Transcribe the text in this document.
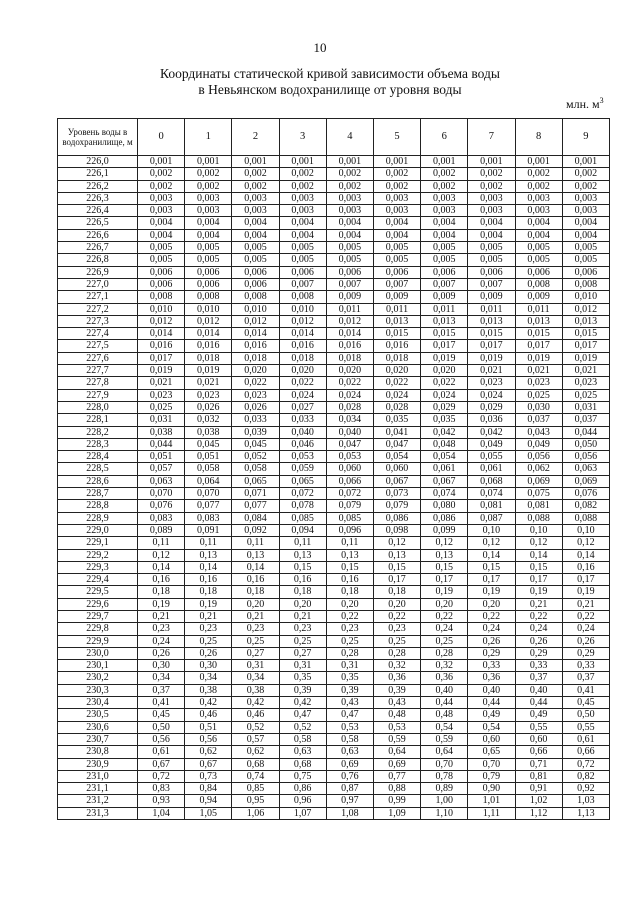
10
Координаты статической кривой зависимости объема воды
в Невьянском водохранилище от уровня воды
млн. $м^3$
Уровень воды в водохранилище, м	0	1	2	3	4	5	6	7	8	9
226,0	0,001	0,001	0,001	0,001	0,001	0,001	0,001	0,001	0,001	0,001
226,1	0,002	0,002	0,002	0,002	0,002	0,002	0,002	0,002	0,002	0,002
226,2	0,002	0,002	0,002	0,002	0,002	0,002	0,002	0,002	0,002	0,002
226,3	0,003	0,003	0,003	0,003	0,003	0,003	0,003	0,003	0,003	0,003
226,4	0,003	0,003	0,003	0,003	0,003	0,003	0,003	0,003	0,003	0,003
226,5	0,004	0,004	0,004	0,004	0,004	0,004	0,004	0,004	0,004	0,004
226,6	0,004	0,004	0,004	0,004	0,004	0,004	0,004	0,004	0,004	0,004
226,7	0,005	0,005	0,005	0,005	0,005	0,005	0,005	0,005	0,005	0,005
226,8	0,005	0,005	0,005	0,005	0,005	0,005	0,005	0,005	0,005	0,005
226,9	0,006	0,006	0,006	0,006	0,006	0,006	0,006	0,006	0,006	0,006
227,0	0,006	0,006	0,006	0,007	0,007	0,007	0,007	0,007	0,008	0,008
227,1	0,008	0,008	0,008	0,008	0,009	0,009	0,009	0,009	0,009	0,010
227,2	0,010	0,010	0,010	0,010	0,011	0,011	0,011	0,011	0,011	0,012
227,3	0,012	0,012	0,012	0,012	0,012	0,013	0,013	0,013	0,013	0,013
227,4	0,014	0,014	0,014	0,014	0,014	0,015	0,015	0,015	0,015	0,015
227,5	0,016	0,016	0,016	0,016	0,016	0,016	0,017	0,017	0,017	0,017
227,6	0,017	0,018	0,018	0,018	0,018	0,018	0,019	0,019	0,019	0,019
227,7	0,019	0,019	0,020	0,020	0,020	0,020	0,020	0,021	0,021	0,021
227,8	0,021	0,021	0,022	0,022	0,022	0,022	0,022	0,023	0,023	0,023
227,9	0,023	0,023	0,023	0,024	0,024	0,024	0,024	0,024	0,025	0,025
228,0	0,025	0,026	0,026	0,027	0,028	0,028	0,029	0,029	0,030	0,031
228,1	0,031	0,032	0,033	0,033	0,034	0,035	0,035	0,036	0,037	0,037
228,2	0,038	0,038	0,039	0,040	0,040	0,041	0,042	0,042	0,043	0,044
228,3	0,044	0,045	0,045	0,046	0,047	0,047	0,048	0,049	0,049	0,050
228,4	0,051	0,051	0,052	0,053	0,053	0,054	0,054	0,055	0,056	0,056
228,5	0,057	0,058	0,058	0,059	0,060	0,060	0,061	0,061	0,062	0,063
228,6	0,063	0,064	0,065	0,065	0,066	0,067	0,067	0,068	0,069	0,069
228,7	0,070	0,070	0,071	0,072	0,072	0,073	0,074	0,074	0,075	0,076
228,8	0,076	0,077	0,077	0,078	0,079	0,079	0,080	0,081	0,081	0,082
228,9	0,083	0,083	0,084	0,085	0,085	0,086	0,086	0,087	0,088	0,088
229,0	0,089	0,091	0,092	0,094	0,096	0,098	0,099	0,10	0,10	0,10
229,1	0,11	0,11	0,11	0,11	0,11	0,12	0,12	0,12	0,12	0,12
229,2	0,12	0,13	0,13	0,13	0,13	0,13	0,13	0,14	0,14	0,14
229,3	0,14	0,14	0,14	0,15	0,15	0,15	0,15	0,15	0,15	0,16
229,4	0,16	0,16	0,16	0,16	0,16	0,17	0,17	0,17	0,17	0,17
229,5	0,18	0,18	0,18	0,18	0,18	0,18	0,19	0,19	0,19	0,19
229,6	0,19	0,19	0,20	0,20	0,20	0,20	0,20	0,20	0,21	0,21
229,7	0,21	0,21	0,21	0,21	0,22	0,22	0,22	0,22	0,22	0,22
229,8	0,23	0,23	0,23	0,23	0,23	0,23	0,24	0,24	0,24	0,24
229,9	0,24	0,25	0,25	0,25	0,25	0,25	0,25	0,26	0,26	0,26
230,0	0,26	0,26	0,27	0,27	0,28	0,28	0,28	0,29	0,29	0,29
230,1	0,30	0,30	0,31	0,31	0,31	0,32	0,32	0,33	0,33	0,33
230,2	0,34	0,34	0,34	0,35	0,35	0,36	0,36	0,36	0,37	0,37
230,3	0,37	0,38	0,38	0,39	0,39	0,39	0,40	0,40	0,40	0,41
230,4	0,41	0,42	0,42	0,42	0,43	0,43	0,44	0,44	0,44	0,45
230,5	0,45	0,46	0,46	0,47	0,47	0,48	0,48	0,49	0,49	0,50
230,6	0,50	0,51	0,52	0,52	0,53	0,53	0,54	0,54	0,55	0,55
230,7	0,56	0,56	0,57	0,58	0,58	0,59	0,59	0,60	0,60	0,61
230,8	0,61	0,62	0,62	0,63	0,63	0,64	0,64	0,65	0,66	0,66
230,9	0,67	0,67	0,68	0,68	0,69	0,69	0,70	0,70	0,71	0,72
231,0	0,72	0,73	0,74	0,75	0,76	0,77	0,78	0,79	0,81	0,82
231,1	0,83	0,84	0,85	0,86	0,87	0,88	0,89	0,90	0,91	0,92
231,2	0,93	0,94	0,95	0,96	0,97	0,99	1,00	1,01	1,02	1,03
231,3	1,04	1,05	1,06	1,07	1,08	1,09	1,10	1,11	1,12	1,13
